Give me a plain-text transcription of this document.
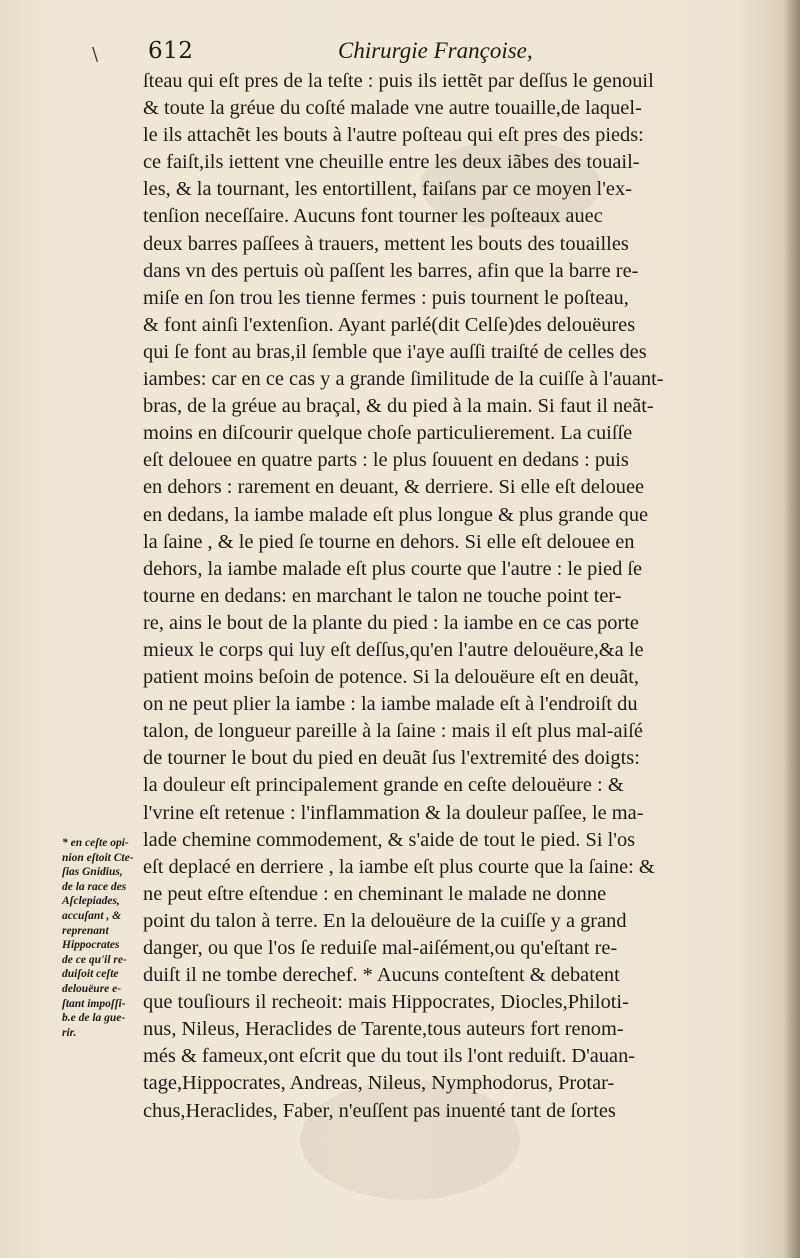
\ 612	Chirurgie Françoise,
ſteau qui eſt pres de la teſte : puis ils iettẽt par deſſus le genouil
& toute la gréue du coſté malade vne autre touaille,de laquel-
le ils attachẽt les bouts à l'autre poſteau qui eſt pres des pieds:
ce faiſt,ils iettent vne cheuille entre les deux iãbes des touail-
les, & la tournant, les entortillent, faiſans par ce moyen l'ex-
tenſion neceſſaire. Aucuns font tourner les poſteaux auec
deux barres paſſees à trauers, mettent les bouts des touailles
dans vn des pertuis où paſſent les barres, afin que la barre re-
miſe en ſon trou les tienne fermes : puis tournent le poſteau,
& font ainſi l'extenſion. Ayant parlé(dit Celſe)des delouëures
qui ſe font au bras,il ſemble que i'aye auſſi traiſté de celles des
iambes: car en ce cas y a grande ſimilitude de la cuiſſe à l'auant-
bras, de la gréue au braçal, & du pied à la main. Si faut il neãt-
moins en diſcourir quelque choſe particulierement. La cuiſſe
eſt delouee en quatre parts : le plus ſouuent en dedans : puis
en dehors : rarement en deuant, & derriere. Si elle eſt delouee
en dedans, la iambe malade eſt plus longue & plus grande que
la ſaine , & le pied ſe tourne en dehors. Si elle eſt delouee en
dehors, la iambe malade eſt plus courte que l'autre : le pied ſe
tourne en dedans: en marchant le talon ne touche point ter-
re, ains le bout de la plante du pied : la iambe en ce cas porte
mieux le corps qui luy eſt deſſus,qu'en l'autre delouëure,&a le
patient moins beſoin de potence. Si la delouëure eſt en deuãt,
on ne peut plier la iambe : la iambe malade eſt à l'endroiſt du
talon, de longueur pareille à la ſaine : mais il eſt plus mal-aiſé
de tourner le bout du pied en deuãt ſus l'extremité des doigts:
la douleur eſt principalement grande en ceſte delouëure : &
l'vrine eſt retenue : l'inflammation & la douleur paſſee, le ma-
lade chemine commodement, & s'aide de tout le pied. Si l'os
eſt deplacé en derriere , la iambe eſt plus courte que la ſaine: &
ne peut eſtre eſtendue : en cheminant le malade ne donne
point du talon à terre. En la delouëure de la cuiſſe y a grand
danger, ou que l'os ſe reduiſe mal-aiſément,ou qu'eſtant re-
duiſt il ne tombe derechef. * Aucuns conteſtent & debatent
que touſiours il recheoit: mais Hippocrates, Diocles,Philoti-
nus, Nileus, Heraclides de Tarente,tous auteurs fort renom-
més & fameux,ont eſcrit que du tout ils l'ont reduiſt. D'auan-
tage,Hippocrates, Andreas, Nileus, Nymphodorus, Protar-
chus,Heraclides, Faber, n'euſſent pas inuenté tant de ſortes
* en ceſte opi-
nion eſtoit Cte-
ſias Gnidius,
de la race des
Aſclepiades,
accuſant , &
reprenant
Hippocrates
de ce qu'il re-
duiſoit ceſte
delouëure e-
ſtant impoſſi-
b.e de la gue-
rir.
